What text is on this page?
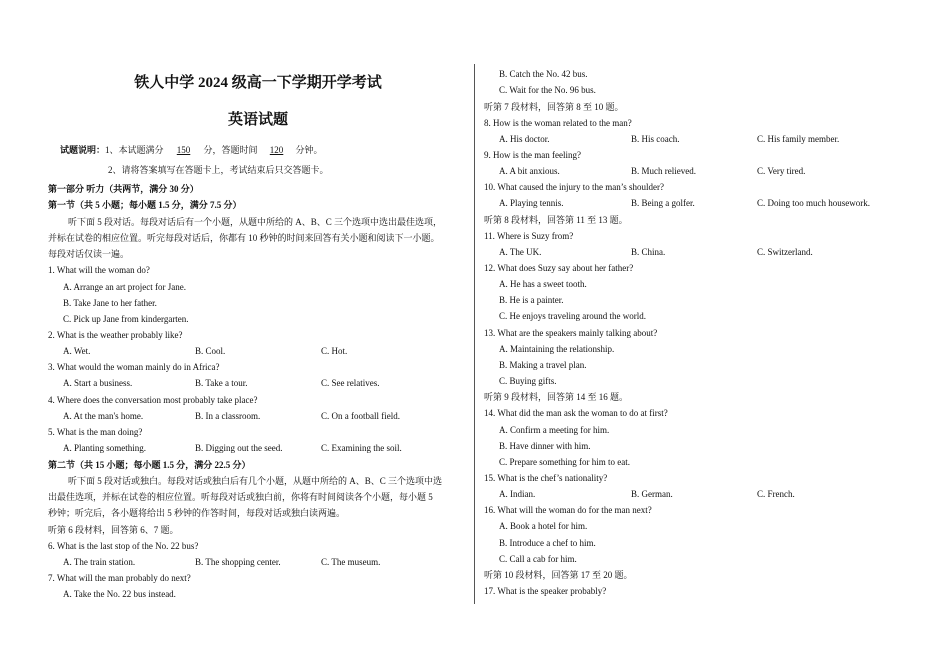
铁人中学 2024 级高一下学期开学考试
英语试题
试题说明：1、本试题满分 150 分，答题时间 120 分钟。
2、请将答案填写在答题卡上，考试结束后只交答题卡。
第一部分 听力（共两节，满分 30 分）
第一节（共 5 小题；每小题 1.5 分，满分 7.5 分）
听下面 5 段对话。每段对话后有一个小题，从题中所给的 A、B、C 三个选项中选出最佳选项，
并标在试卷的相应位置。听完每段对话后，你都有 10 秒钟的时间来回答有关小题和阅读下一小题。
每段对话仅读一遍。
1. What will the woman do?
A. Arrange an art project for Jane.
B. Take Jane to her father.
C. Pick up Jane from kindergarten.
2. What is the weather probably like?
A. Wet.	B. Cool.	C. Hot.
3. What would the woman mainly do in Africa?
A. Start a business.	B. Take a tour.	C. See relatives.
4. Where does the conversation most probably take place?
A. At the man's home.	B. In a classroom.	C. On a football field.
5. What is the man doing?
A. Planting something.	B. Digging out the seed.	C. Examining the soil.
第二节（共 15 小题；每小题 1.5 分，满分 22.5 分）
听下面 5 段对话或独白。每段对话或独白后有几个小题，从题中所给的 A、B、C 三个选项中选
出最佳选项，并标在试卷的相应位置。听每段对话或独白前，你将有时间阅读各个小题，每小题 5
秒钟；听完后，各小题将给出 5 秒钟的作答时间，每段对话或独白读两遍。
听第 6 段材料，回答第 6、7 题。
6. What is the last stop of the No. 22 bus?
A. The train station.	B. The shopping center.	C. The museum.
7. What will the man probably do next?
A. Take the No. 22 bus instead.
B. Catch the No. 42 bus.
C. Wait for the No. 96 bus.
听第 7 段材料，回答第 8 至 10 题。
8. How is the woman related to the man?
A. His doctor.	B. His coach.	C. His family member.
9. How is the man feeling?
A. A bit anxious.	B. Much relieved.	C. Very tired.
10. What caused the injury to the man’s shoulder?
A. Playing tennis.	B. Being a golfer.	C. Doing too much housework.
听第 8 段材料，回答第 11 至 13 题。
11. Where is Suzy from?
A. The UK.	B. China.	C. Switzerland.
12. What does Suzy say about her father?
A. He has a sweet tooth.
B. He is a painter.
C. He enjoys traveling around the world.
13. What are the speakers mainly talking about?
A. Maintaining the relationship.
B. Making a travel plan.
C. Buying gifts.
听第 9 段材料，回答第 14 至 16 题。
14. What did the man ask the woman to do at first?
A. Confirm a meeting for him.
B. Have dinner with him.
C. Prepare something for him to eat.
15. What is the chef’s nationality?
A. Indian.	B. German.	C. French.
16. What will the woman do for the man next?
A. Book a hotel for him.
B. Introduce a chef to him.
C. Call a cab for him.
听第 10 段材料，回答第 17 至 20 题。
17. What is the speaker probably?
